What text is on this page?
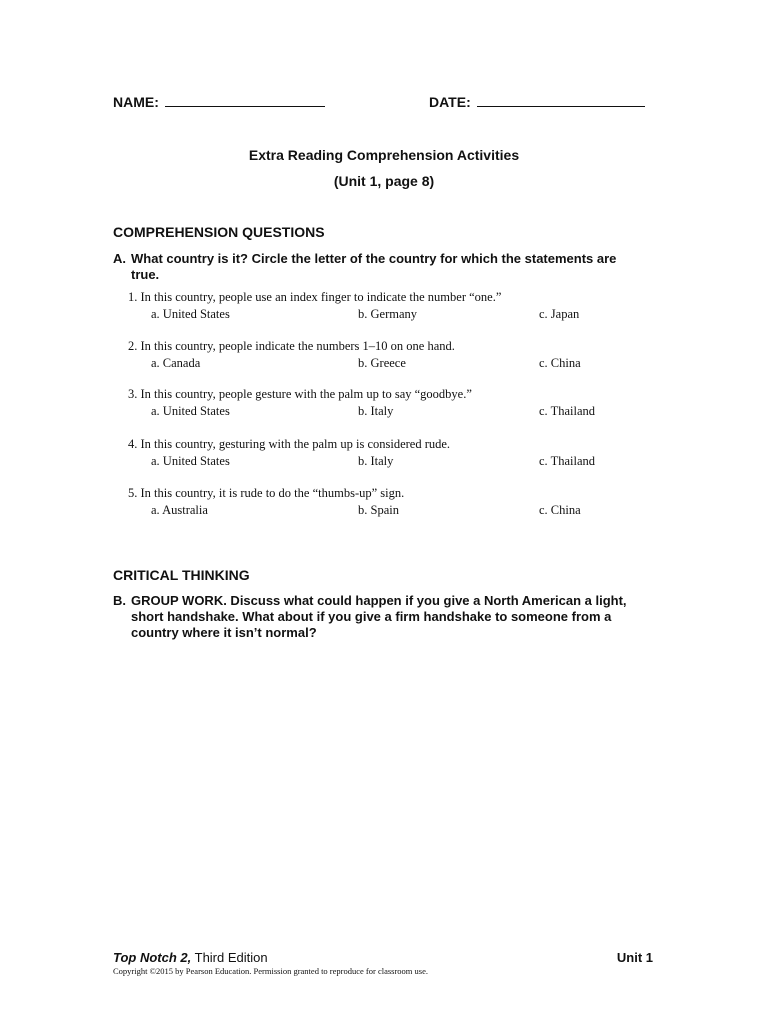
NAME:	DATE:
Extra Reading Comprehension Activities
(Unit 1, page 8)
COMPREHENSION QUESTIONS
A. What country is it? Circle the letter of the country for which the statements are true.
1. In this country, people use an index finger to indicate the number “one.”
a. United States	b. Germany	c. Japan
2. In this country, people indicate the numbers 1–10 on one hand.
a. Canada	b. Greece	c. China
3. In this country, people gesture with the palm up to say “goodbye.”
a. United States	b. Italy	c. Thailand
4. In this country, gesturing with the palm up is considered rude.
a. United States	b. Italy	c. Thailand
5. In this country, it is rude to do the “thumbs-up” sign.
a. Australia	b. Spain	c. China
CRITICAL THINKING
B. GROUP WORK. Discuss what could happen if you give a North American a light, short handshake. What about if you give a firm handshake to someone from a country where it isn’t normal?
Top Notch 2, Third Edition	Unit 1
Copyright ©2015 by Pearson Education. Permission granted to reproduce for classroom use.
